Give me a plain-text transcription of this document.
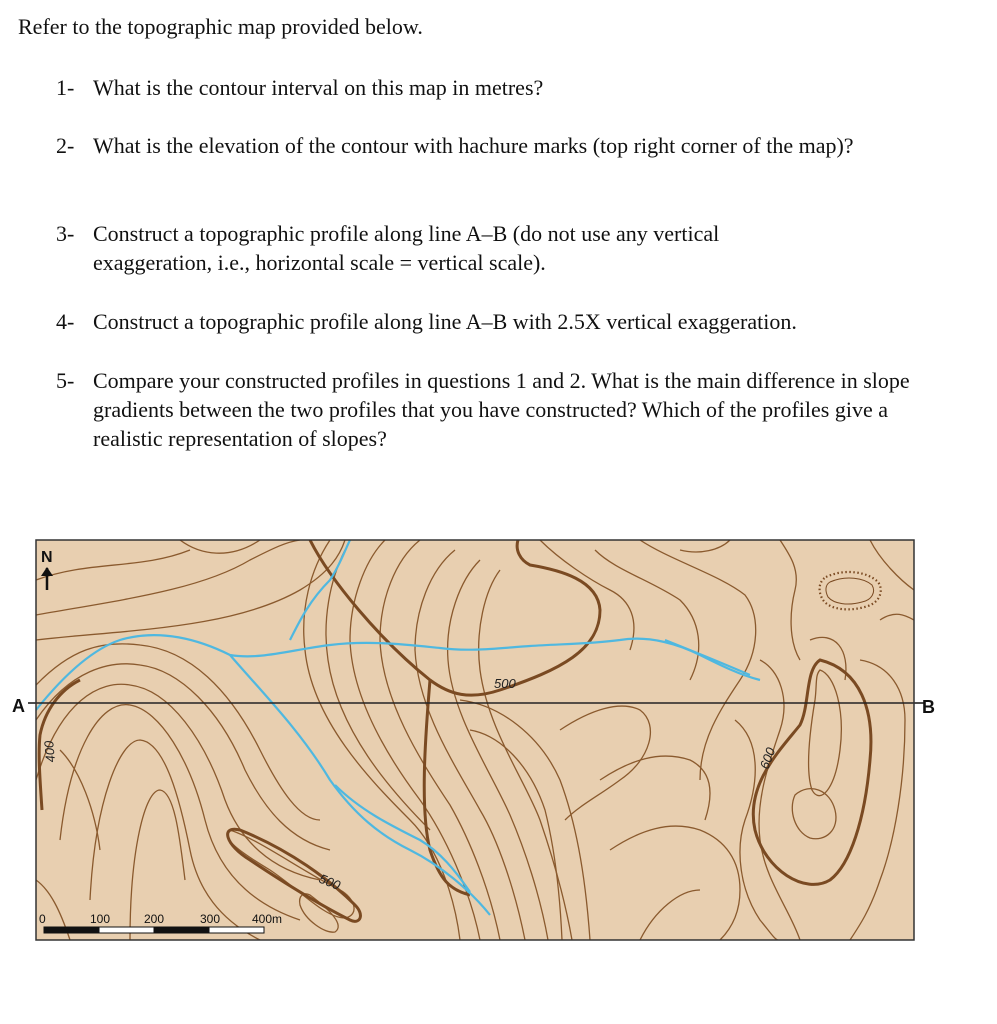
Refer to the topographic map provided below.

1- What is the contour interval on this map in metres?
2- What is the elevation of the contour with hachure marks (top right corner of the map)?
3- Construct a topographic profile along line A–B (do not use any vertical exaggeration, i.e., horizontal scale = vertical scale).
4- Construct a topographic profile along line A–B with 2.5X vertical exaggeration.
5- Compare your constructed profiles in questions 1 and 2. What is the main difference in slope gradients between the two profiles that you have constructed? Which of the profiles give a realistic representation of slopes?
A	B
N
400
500
500
600
0	100	200	300	400m
